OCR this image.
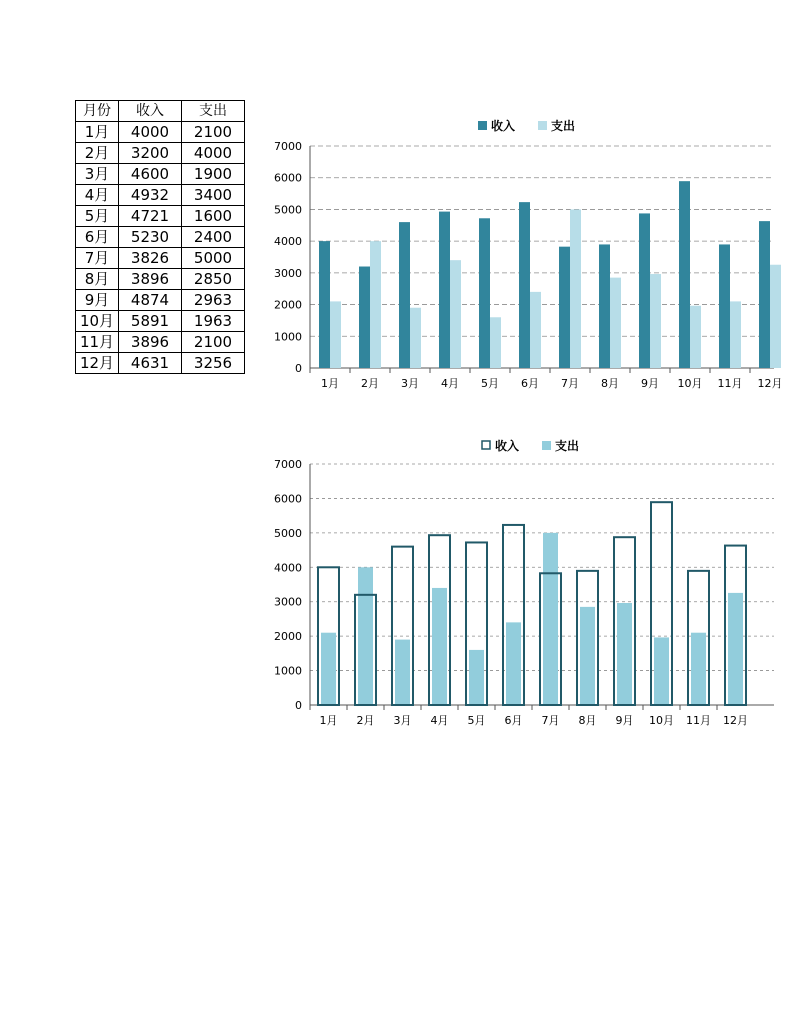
月份	收入	支出
1月	4000	2100
2月	3200	4000
3月	4600	1900
4月	4932	3400
5月	4721	1600
6月	5230	2400
7月	3826	5000
8月	3896	2850
9月	4874	2963
10月	5891	1963
11月	3896	2100
12月	4631	3256
收入	支出
0
1000
2000
3000
4000
5000
6000
7000
1月 2月 3月 4月 5月 6月 7月 8月 9月 10月 11月 12月
收入	支出
0
1000
2000
3000
4000
5000
6000
7000
1月 2月 3月 4月 5月 6月 7月 8月 9月 10月 11月 12月
